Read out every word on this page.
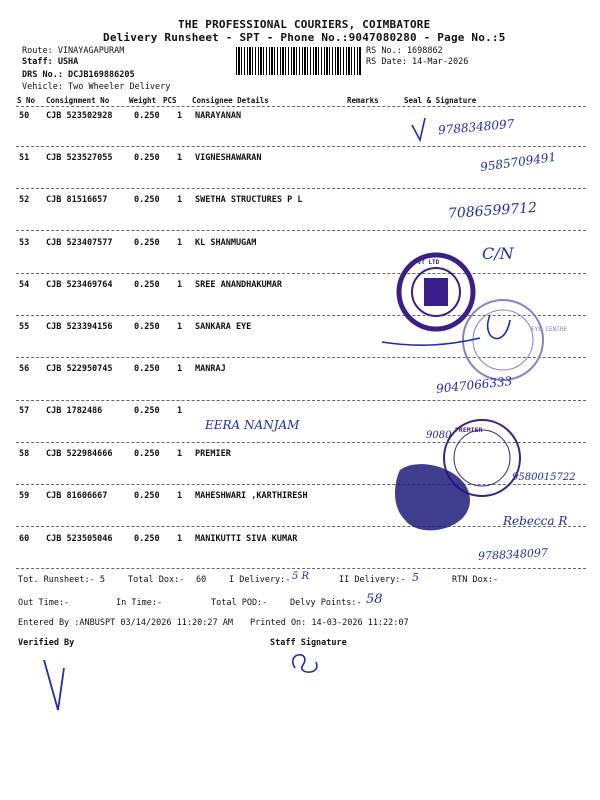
THE PROFESSIONAL COURIERS, COIMBATORE
Delivery Runsheet - SPT - Phone No.:9047080280 - Page No.:5
Route: VINAYAGAPURAM
Staff: USHA
DRS No.: DCJB169886205
Vehicle: Two Wheeler Delivery
RS No.: 1698862
RS Date: 14-Mar-2026
S No Consignment No	Weight PCS Consignee Details	Remarks	Seal & Signature
50 CJB 523502928	0.250 1 NARAYANAN
51 CJB 523527055	0.250 1 VIGNESHAWARAN
52 CJB 81516657	0.250 1 SWETHA STRUCTURES P L
53 CJB 523407577	0.250 1 KL SHANMUGAM
54 CJB 523469764	0.250 1 SREE ANANDHAKUMAR
55 CJB 523394156	0.250 1 SANKARA EYE
56 CJB 522950745	0.250 1 MANRAJ
57 CJB 1782486	0.250 1
58 CJB 522984666	0.250 1 PREMIER
59 CJB 81606667	0.250 1 MAHESHWARI ,KARTHIRESH
60 CJB 523505046	0.250 1 MANIKUTTI SIVA KUMAR
PVT LTD
EYE CENTRE
PREMIER
9788348097
9585709491
7086599712
C/N
9047066333
EERA NANJAM
9080
9580015722
Rebecca R
9788348097
Tot. Runsheet:- 5	Total Dox:- 60	I Delivery:- 5 R	II Delivery:- 5	RTN Dox:-
Out Time:-	In Time:-	Total POD:-	Delvy Points:- 58
Entered By :ANBUSPT 03/14/2026 11:20:27 AM Printed On: 14-03-2026 11:22:07
Verified By	Staff Signature
